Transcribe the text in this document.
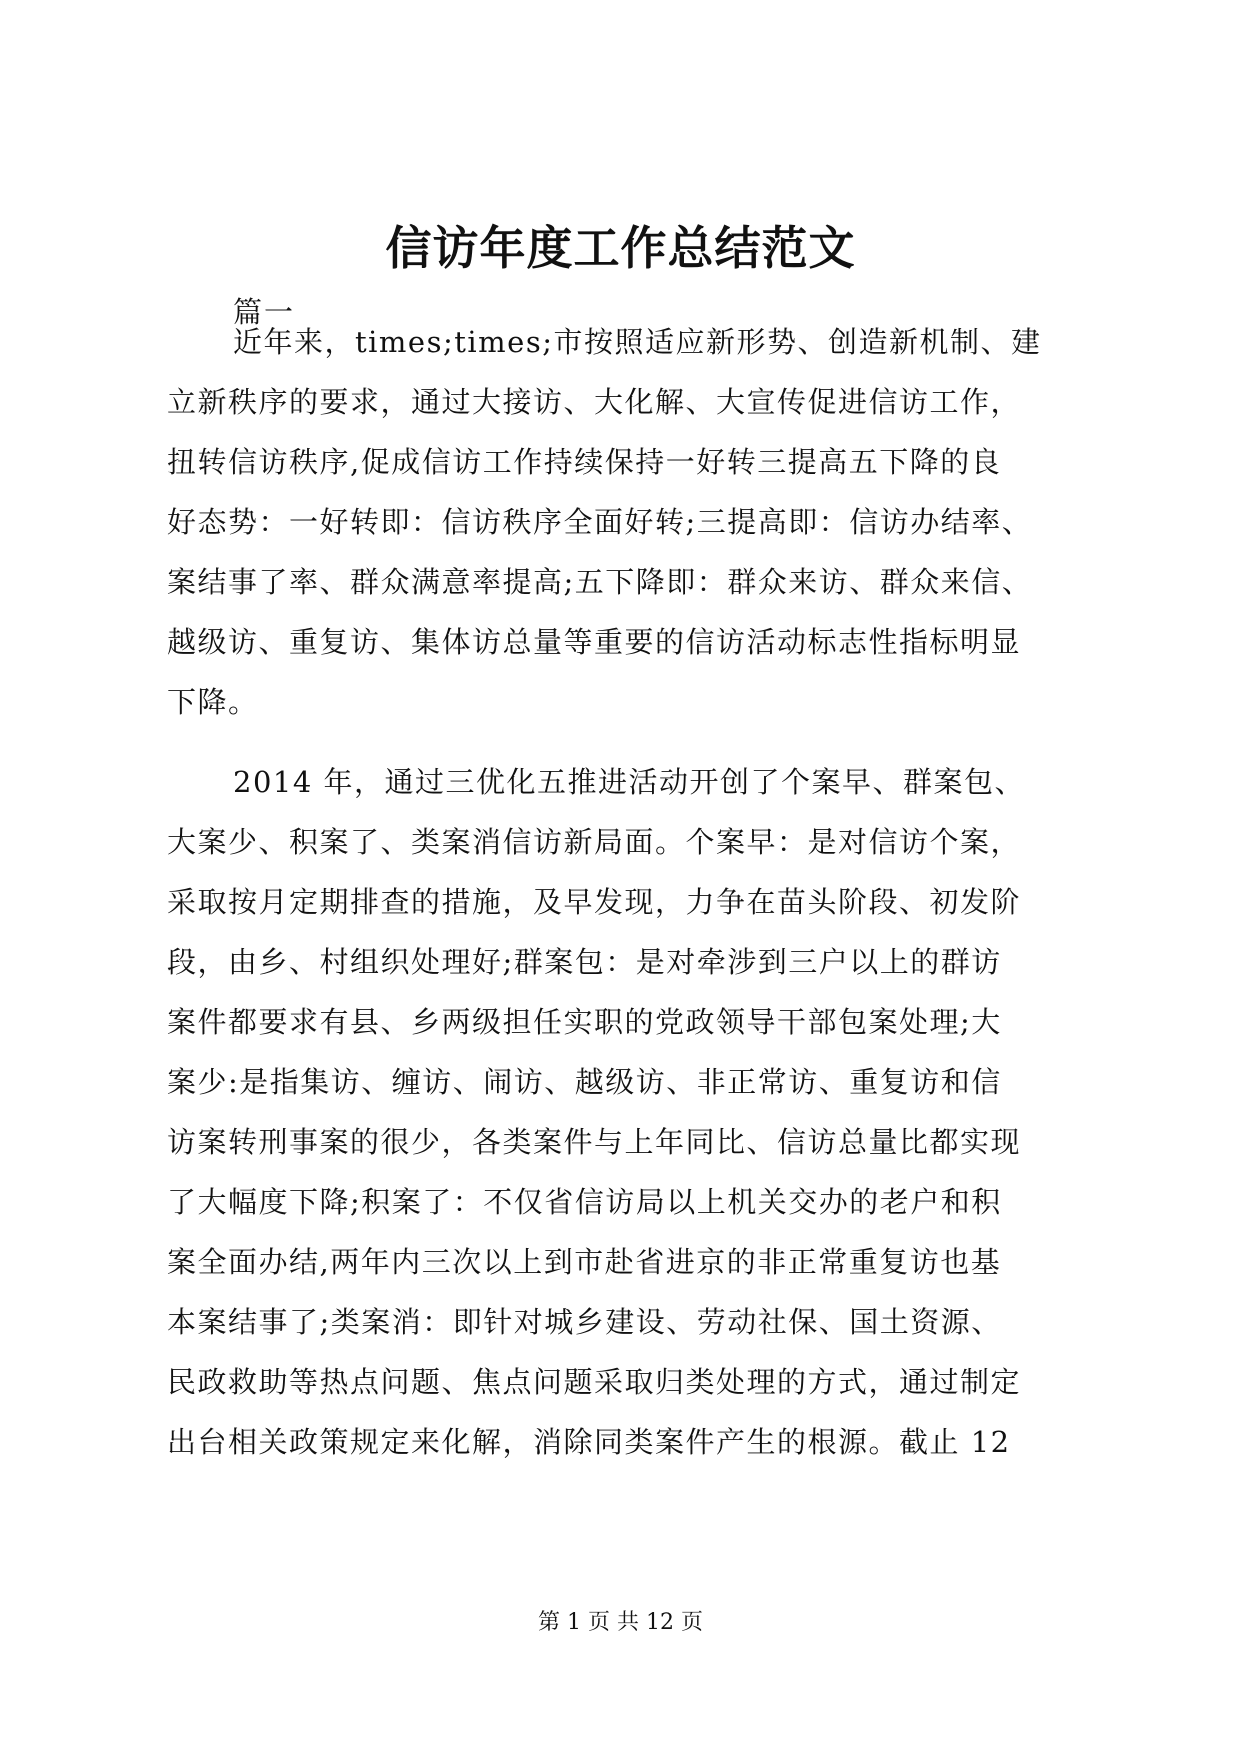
信访年度工作总结范文
篇一
近年来，times;times;市按照适应新形势、创造新机制、建
立新秩序的要求，通过大接访、大化解、大宣传促进信访工作，
扭转信访秩序,促成信访工作持续保持一好转三提高五下降的良
好态势：一好转即：信访秩序全面好转;三提高即：信访办结率、
案结事了率、群众满意率提高;五下降即：群众来访、群众来信、
越级访、重复访、集体访总量等重要的信访活动标志性指标明显
下降。
2014 年，通过三优化五推进活动开创了个案早、群案包、
大案少、积案了、类案消信访新局面。个案早：是对信访个案，
采取按月定期排查的措施，及早发现，力争在苗头阶段、初发阶
段，由乡、村组织处理好;群案包：是对牵涉到三户以上的群访
案件都要求有县、乡两级担任实职的党政领导干部包案处理;大
案少:是指集访、缠访、闹访、越级访、非正常访、重复访和信
访案转刑事案的很少，各类案件与上年同比、信访总量比都实现
了大幅度下降;积案了：不仅省信访局以上机关交办的老户和积
案全面办结,两年内三次以上到市赴省进京的非正常重复访也基
本案结事了;类案消：即针对城乡建设、劳动社保、国土资源、
民政救助等热点问题、焦点问题采取归类处理的方式，通过制定
出台相关政策规定来化解，消除同类案件产生的根源。截止 12
第 1 页 共 12 页
